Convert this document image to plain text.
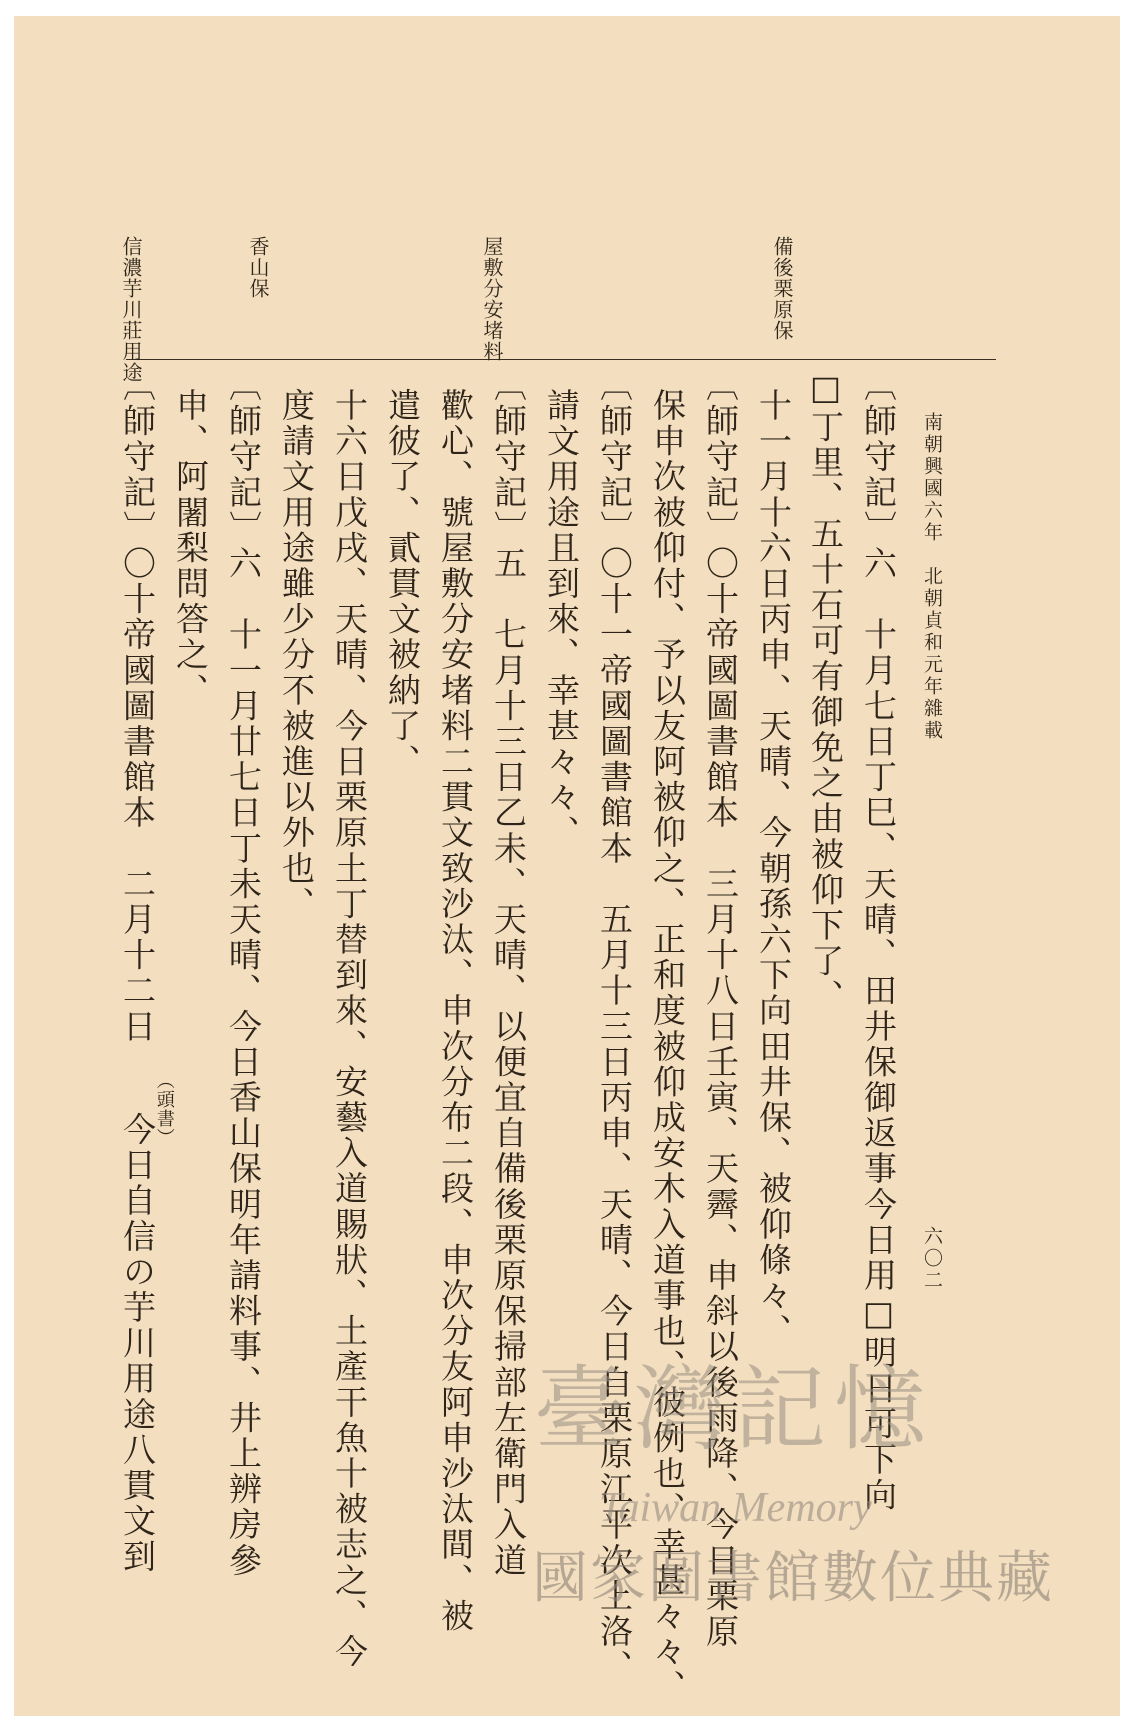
南朝興國六年　北朝貞和元年雜載
六〇二
〔師守記〕六　十月七日丁巳、天晴、田井保御返事今日用□明日可下向
□丁里、五十石可有御免之由被仰下了、
十一月十六日丙申、天晴、今朝孫六下向田井保、被仰條々、
〔師守記〕〇十帝國圖書館本　三月十八日壬寅、天霽、申斜以後雨降、今日栗原
保申次被仰付、予以友阿被仰之、正和度被仰成安木入道事也、彼例也、幸甚々々、
〔師守記〕〇十一帝國圖書館本　五月十三日丙申、天晴、今日自栗原江平次上洛、
請文用途且到來、幸甚々々、
〔師守記〕五　七月十三日乙未、天晴、以便宜自備後栗原保掃部左衛門入道
歡心、號屋敷分安堵料二貫文致沙汰、申次分布二段、申次分友阿申沙汰間、被
遣彼了、貳貫文被納了、
十六日戊戌、天晴、今日栗原土丁替到來、安藝入道賜狀、土產干魚十被志之、今
度請文用途雖少分不被進以外也、
〔師守記〕六　十一月廿七日丁未天晴、今日香山保明年請料事、井上辨房參
申、阿闍梨問答之、
〔師守記〕〇十帝國圖書館本　二月十二日
（頭書）
今日自信の芋川用途八貫文到
備後栗原保
屋敷分安堵料
香山保
信濃芋川莊用途
臺灣記憶
Taiwan Memory
國家圖書館數位典藏
